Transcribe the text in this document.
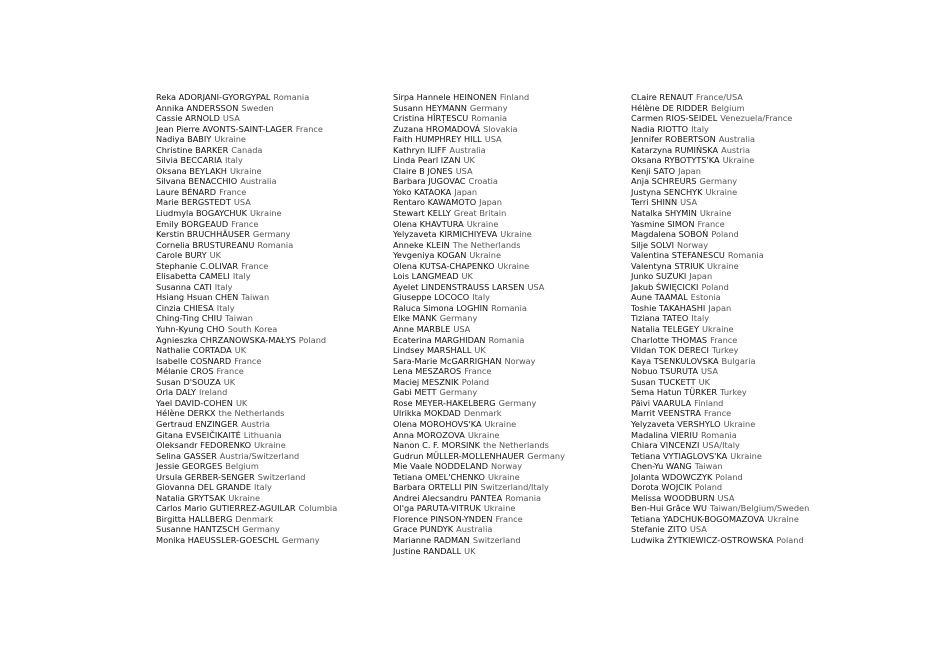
Reka ADORJANI-GYORGYPAL Romania
Annika ANDERSSON Sweden
Cassie ARNOLD USA
Jean Pierre AVONTS-SAINT-LAGER France
Nadiya BABIY Ukraine
Christine BARKER Canada
Silvia BECCARIA Italy
Oksana BEYLAKH Ukraine
Silvana BENACCHIO Australia
Laure BÉNARD France
Marie BERGSTEDT USA
Liudmyla BOGAYCHUK Ukraine
Emily BORGEAUD France
Kerstin BRUCHHÄUSER Germany
Cornelia BRUSTUREANU Romania
Carole BURY UK
Stephanie C.OLIVAR France
Elisabetta CAMELI Italy
Susanna CATI Italy
Hsiang Hsuan CHEN Taiwan
Cinzia CHIESA Italy
Ching-Ting CHIU Taiwan
Yuhn-Kyung CHO South Korea
Agnieszka CHRZANOWSKA-MAŁYS Poland
Nathalie CORTADA UK
Isabelle COSNARD France
Mélanie CROS France
Susan D'SOUZA UK
Orla DALY Ireland
Yael DAVID-COHEN UK
Hélène DERKX the Netherlands
Gertraud ENZINGER Austria
Gitana EVSEIČIKAITĖ Lithuania
Oleksandr FEDORENKO Ukraine
Selina GASSER Austria/Switzerland
Jessie GEORGES Belgium
Ursula GERBER-SENGER Switzerland
Giovanna DEL GRANDE Italy
Natalia GRYTSAK Ukraine
Carlos Mario GUTIERREZ-AGUILAR Columbia
Birgitta HALLBERG Denmark
Susanne HANTZSCH Germany
Monika HAEUSSLER-GOESCHL Germany
Sirpa Hannele HEINONEN Finland
Susann HEYMANN Germany
Cristina HÎRȚESCU Romania
Zuzana HROMADOVÁ Slovakia
Faith HUMPHREY HILL USA
Kathryn ILIFF Australia
Linda Pearl IZAN UK
Claire B JONES USA
Barbara JUGOVAC Croatia
Yoko KATAOKA Japan
Rentaro KAWAMOTO Japan
Stewart KELLY Great Britain
Olena KHAVTURA Ukraine
Yelyzaveta KIRMICHIYEVA Ukraine
Anneke KLEIN The Netherlands
Yevgeniya KOGAN Ukraine
Olena KUTSA-CHAPENKO Ukraine
Lois LANGMEAD UK
Ayelet LINDENSTRAUSS LARSEN USA
Giuseppe LOCOCO Italy
Raluca Simona LOGHIN Romania
Elke MANK Germany
Anne MARBLE USA
Ecaterina MARGHIDAN Romania
Lindsey MARSHALL UK
Sara-Marie McGARRIGHAN Norway
Lena MESZAROS France
Maciej MESZNIK Poland
Gabi METT Germany
Rose MEYER-HAKELBERG Germany
Ulrikka MOKDAD Denmark
Olena MOROHOVS'KA Ukraine
Anna MOROZOVA Ukraine
Nanon C. F. MORSINK the Netherlands
Gudrun MÜLLER-MOLLENHAUER Germany
Mie Vaale NODDELAND Norway
Tetiana OMEL'CHENKO Ukraine
Barbara ORTELLI PIN Switzerland/Italy
Andrei Alecsandru PANTEA Romania
Ol'ga PARUTA-VITRUK Ukraine
Florence PINSON-YNDEN France
Grace PUNDYK Australia
Marianne RADMAN Switzerland
Justine RANDALL UK
CLaire RENAUT France/USA
Hélène DE RIDDER Belgium
Carmen RIOS-SEIDEL Venezuela/France
Nadia RIOTTO Italy
Jennifer ROBERTSON Australia
Katarzyna RUMIŃSKA Austria
Oksana RYBOTYTS'KA Ukraine
Kenji SATO Japan
Anja SCHREURS Germany
Justyna SENCHYK Ukraine
Terri SHINN USA
Natalka SHYMIN Ukraine
Yasmine SIMON France
Magdalena SOBOŃ Poland
Silje SOLVI Norway
Valentina STEFANESCU Romania
Valentyna STRIUK Ukraine
Junko SUZUKI Japan
Jakub ŚWIĘCICKI Poland
Aune TAAMAL Estonia
Toshie TAKAHASHI Japan
Tiziana TATEO Italy
Natalia TELEGEY Ukraine
Charlotte THOMAS France
Vildan TOK DERECI Turkey
Kaya TSENKULOVSKA Bulgaria
Nobuo TSURUTA USA
Susan TUCKETT UK
Sema Hatun TÜRKER Turkey
Päivi VAARULA Finland
Marrit VEENSTRA France
Yelyzaveta VERSHYLO Ukraine
Madalina VIERIU Romania
Chiara VINCENZI USA/Italy
Tetiana VYTIAGLOVS'KA Ukraine
Chen-Yu WANG Taiwan
Jolanta WDOWCZYK Poland
Dorota WOJCIK Poland
Melissa WOODBURN USA
Ben-Hui Grâce WU Taiwan/Belgium/Sweden
Tetiana YADCHUK-BOGOMAZOVA Ukraine
Stefanie ZITO USA
Ludwika ŻYTKIEWICZ-OSTROWSKA Poland
